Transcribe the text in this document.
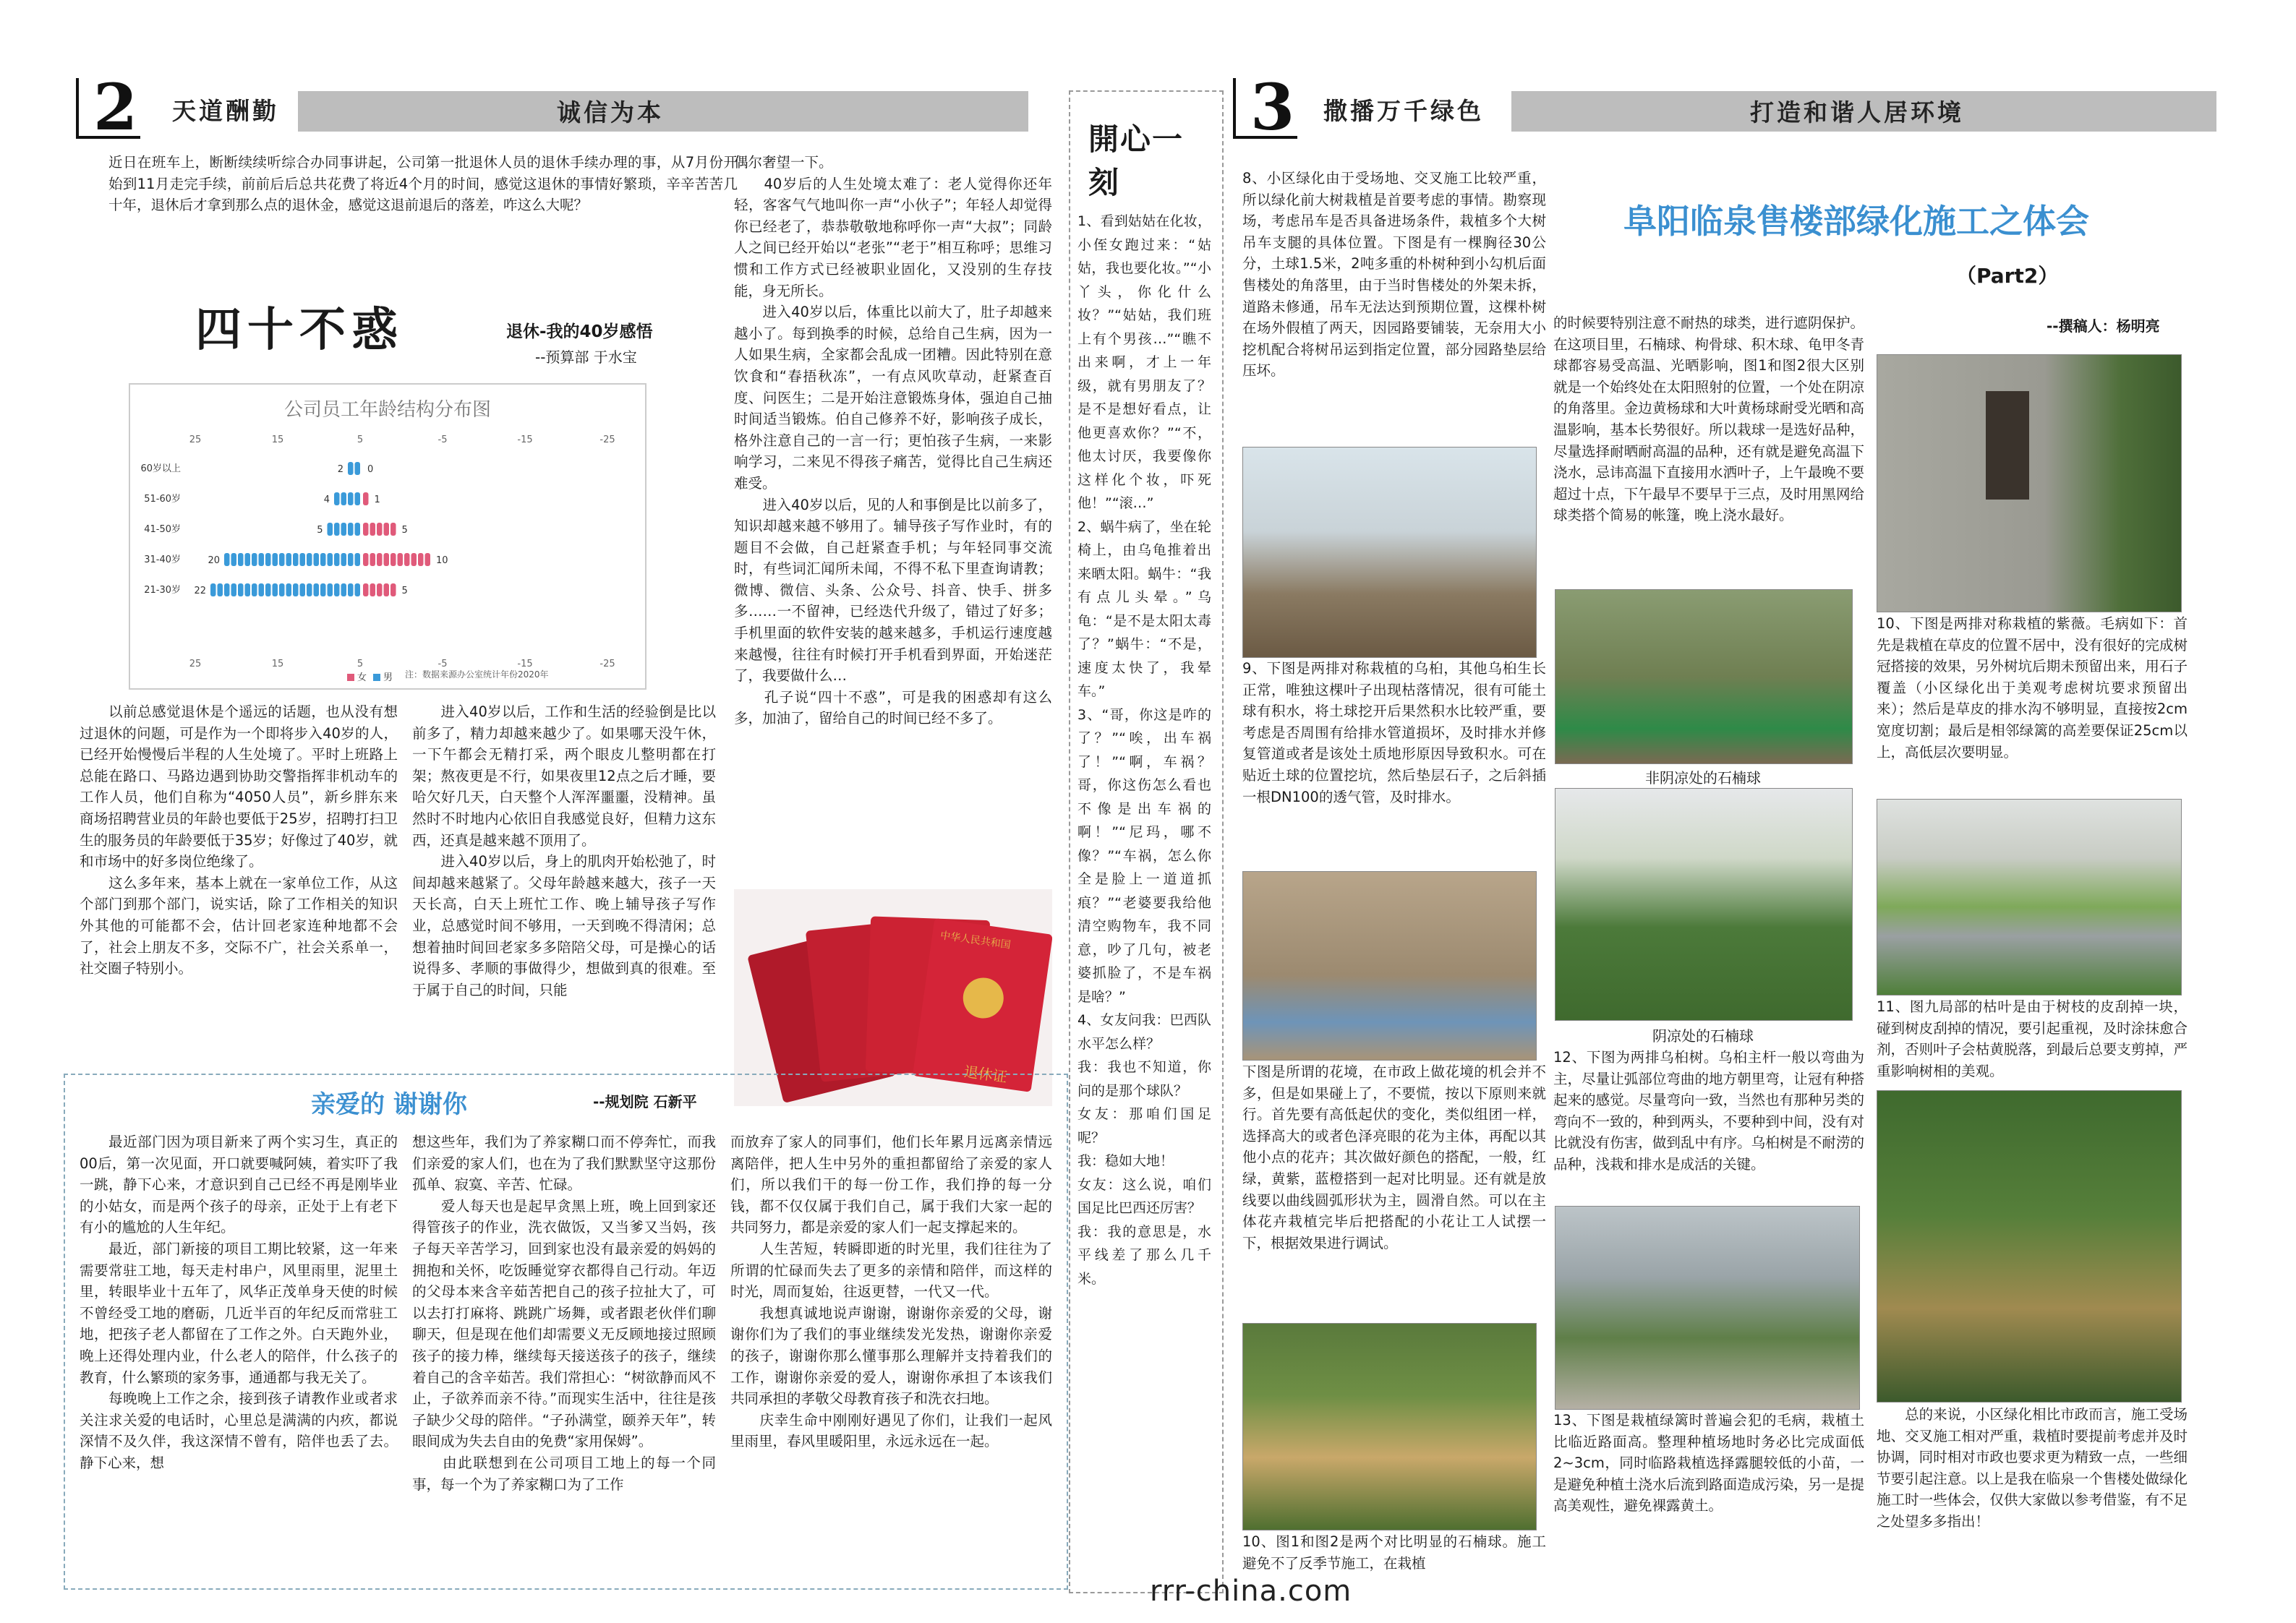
2 天道酬勤	诚信为本
近日在班车上，断断续续听综合办同事讲起，公司第一批退休人员的退休手续办理的事，从7月份开始到11月走完手续，前前后后总共花费了将近4个月的时间，感觉这退休的事情好繁琐，辛辛苦苦几十年，退休后才拿到那么点的退休金，感觉这退前退后的落差，咋这么大呢？
四十不惑	退休-我的40岁感悟
--预算部 于水宝
公司员工年龄结构分布图
25
25
15
15
5
5
-5
-5
-15
-15
-25
-25
60岁以上	2	0
51-60岁	4	1
41-50岁	5	5
31-40岁	20	10
21-30岁 22	5
女 男 注：数据来源办公室统计年份2020年
　　以前总感觉退休是个遥远的话题，也从没有想过退休的问题，可是作为一个即将步入40岁的人，已经开始慢慢后半程的人生处境了。平时上班路上总能在路口、马路边遇到协助交警指挥非机动车的工作人员，他们自称为“4050人员”，新乡胖东来商场招聘营业员的年龄也要低于25岁，招聘打扫卫生的服务员的年龄要低于35岁；好像过了40岁，就和市场中的好多岗位绝缘了。
　　这么多年来，基本上就在一家单位工作，从这个部门到那个部门，说实话，除了工作相关的知识外其他的可能都不会，估计回老家连种地都不会了，社会上朋友不多，交际不广，社会关系单一，社交圈子特别小。
　　进入40岁以后，工作和生活的经验倒是比以前多了，精力却越来越少了。如果哪天没午休，一下午都会无精打采，两个眼皮儿整明都在打架；熬夜更是不行，如果夜里12点之后才睡，要哈欠好几天，白天整个人浑浑噩噩，没精神。虽然时不时地内心依旧自我感觉良好，但精力这东西，还真是越来越不顶用了。
　　进入40岁以后，身上的肌肉开始松弛了，时间却越来越紧了。父母年龄越来越大，孩子一天天长高，白天上班忙工作、晚上辅导孩子写作业，总感觉时间不够用，一天到晚不得清闲；总想着抽时间回老家多多陪陪父母，可是操心的话说得多、孝顺的事做得少，想做到真的很难。至于属于自己的时间，只能
偶尔奢望一下。
　　40岁后的人生处境太难了：老人觉得你还年轻，客客气气地叫你一声“小伙子”；年轻人却觉得你已经老了，恭恭敬敬地称呼你一声“大叔”；同龄人之间已经开始以“老张”“老于”相互称呼；思维习惯和工作方式已经被职业固化，又没别的生存技能，身无所长。
　　进入40岁以后，体重比以前大了，肚子却越来越小了。每到换季的时候，总给自己生病，因为一人如果生病，全家都会乱成一团糟。因此特别在意饮食和“春捂秋冻”，一有点风吹草动，赶紧查百度、问医生；二是开始注意锻炼身体，强迫自己抽时间适当锻炼。伯自己修养不好，影响孩子成长，格外注意自己的一言一行；更怕孩子生病，一来影响学习，二来见不得孩子痛苦，觉得比自己生病还难受。
　　进入40岁以后，见的人和事倒是比以前多了，知识却越来越不够用了。辅导孩子写作业时，有的题目不会做，自己赶紧查手机；与年轻同事交流时，有些词汇闻所未闻，不得不私下里查询请教；微博、微信、头条、公众号、抖音、快手、拼多多……一不留神，已经迭代升级了，错过了好多；手机里面的软件安装的越来越多，手机运行速度越来越慢，往往有时候打开手机看到界面，开始迷茫了，我要做什么…
　　孔子说“四十不惑”，可是我的困惑却有这么多，加油了，留给自己的时间已经不多了。
中华人民共和国
退休证
亲爱的 谢谢你	--规划院 石新平
　　最近部门因为项目新来了两个实习生，真正的00后，第一次见面，开口就要喊阿姨，着实吓了我一跳，静下心来，才意识到自己已经不再是刚毕业的小姑女，而是两个孩子的母亲，正处于上有老下有小的尴尬的人生年纪。
　　最近，部门新接的项目工期比较紧，这一年来需要常驻工地，每天走村串户，风里雨里，泥里土里，转眼毕业十五年了，风华正茂单身天使的时候不曾经受工地的磨砺，几近半百的年纪反而常驻工地，把孩子老人都留在了工作之外。白天跑外业，晚上还得处理内业，什么老人的陪伴，什么孩子的教育，什么繁琐的家务事，通通都与我无关了。
　　每晚晚上工作之余，接到孩子请教作业或者求关注求关爱的电话时，心里总是满满的内疚，都说深情不及久伴，我这深情不曾有，陪伴也丢了去。静下心来，想
想这些年，我们为了养家糊口而不停奔忙，而我们亲爱的家人们，也在为了我们默默坚守这那份孤单、寂寞、辛苦、忙碌。
　　爱人每天也是起早贪黑上班，晚上回到家还得管孩子的作业，洗衣做饭，又当爹又当妈，孩子每天辛苦学习，回到家也没有最亲爱的妈妈的拥抱和关怀，吃饭睡觉穿衣都得自己行动。年迈的父母本来含辛茹苦把自己的孩子拉扯大了，可以去打打麻将、跳跳广场舞，或者跟老伙伴们聊聊天，但是现在他们却需要义无反顾地接过照顾孩子的接力棒，继续每天接送孩子的孩子，继续着自己的含辛茹苦。我们常担心：“树欲静而风不止，子欲养而亲不待。”而现实生活中，往往是孩子缺少父母的陪伴。“子孙满堂，颐养天年”，转眼间成为失去自由的免费“家用保姆”。
　　由此联想到在公司项目工地上的每一个同事，每一个为了养家糊口为了工作
而放弃了家人的同事们，他们长年累月远离亲情远离陪伴，把人生中另外的重担都留给了亲爱的家人们，所以我们干的每一份工作，我们挣的每一分钱，都不仅仅属于我们自己，属于我们大家一起的共同努力，都是亲爱的家人们一起支撑起来的。
　　人生苦短，转瞬即逝的时光里，我们往往为了所谓的忙碌而失去了更多的亲情和陪伴，而这样的时光，周而复始，往返更替，一代又一代。
　　我想真诚地说声谢谢，谢谢你亲爱的父母，谢谢你们为了我们的事业继续发光发热，谢谢你亲爱的孩子，谢谢你那么懂事那么理解并支持着我们的工作，谢谢你亲爱的爱人，谢谢你承担了本该我们共同承担的孝敬父母教育孩子和洗衣扫地。
　　庆幸生命中刚刚好遇见了你们，让我们一起风里雨里，春风里暖阳里，永远永远在一起。
開心一刻
1、看到姑姑在化妆，小侄女跑过来：“姑姑，我也要化妆。”“小丫头，你化什么妆？”“姑姑，我们班上有个男孩…”“瞧不出来啊，才上一年级，就有男朋友了？是不是想好看点，让他更喜欢你？”“不，他太讨厌，我要像你这样化个妆，吓死他！”“滚…”
2、蜗牛病了，坐在轮椅上，由乌龟推着出来晒太阳。蜗牛：“我有点儿头晕。”乌龟：“是不是太阳太毒了？”蜗牛：“不是，速度太快了，我晕车。”
3、“哥，你这是咋的了？”“唉，出车祸了！”“啊，车祸？哥，你这伤怎么看也不像是出车祸的啊！”“尼玛，哪不像？”“车祸，怎么你全是脸上一道道抓痕？”“老婆要我给他清空购物车，我不同意，吵了几句，被老婆抓脸了，不是车祸是啥？”
4、女友问我：巴西队水平怎么样？
我：我也不知道，你问的是那个球队？
女友：那咱们国足呢？
我：稳如大地！
女友：这么说，咱们国足比巴西还厉害？
我：我的意思是，水平线差了那么几千米。
3 撒播万千绿色	打造和谐人居环境
8、小区绿化由于受场地、交叉施工比较严重，所以绿化前大树栽植是首要考虑的事情。勘察现场，考虑吊车是否具备进场条件，栽植多个大树吊车支腿的具体位置。下图是有一棵胸径30公分，土球1.5米，2吨多重的朴树种到小勾机后面售楼处的角落里，由于当时售楼处的外架未拆，道路未修通，吊车无法达到预期位置，这棵朴树在场外假植了两天，因园路要铺装，无奈用大小挖机配合将树吊运到指定位置，部分园路垫层给压坏。
9、下图是两排对称栽植的乌桕，其他乌桕生长正常，唯独这棵叶子出现枯落情况，很有可能土球有积水，将土球挖开后果然积水比较严重，要考虑是否周围有给排水管道损坏，及时排水并修复管道或者是该处土质地形原因导致积水。可在贴近土球的位置挖坑，然后垫层石子，之后斜插一根DN100的透气管，及时排水。
下图是所谓的花境，在市政上做花境的机会并不多，但是如果碰上了，不要慌，按以下原则来就行。首先要有高低起伏的变化，类似组团一样，选择高大的或者色泽亮眼的花为主体，再配以其他小点的花卉；其次做好颜色的搭配，一般，红绿，黄紫，蓝橙搭到一起对比明显。还有就是放线要以曲线圆弧形状为主，圆滑自然。可以在主体花卉栽植完毕后把搭配的小花让工人试摆一下，根据效果进行调试。
10、图1和图2是两个对比明显的石楠球。施工避免不了反季节施工，在栽植
阜阳临泉售楼部绿化施工之体会
（Part2）
--撰稿人：杨明亮
的时候要特别注意不耐热的球类，进行遮阴保护。在这项目里，石楠球、枸骨球、积木球、龟甲冬青球都容易受高温、光晒影响，图1和图2很大区别就是一个始终处在太阳照射的位置，一个处在阴凉的角落里。金边黄杨球和大叶黄杨球耐受光晒和高温影响，基本长势很好。所以栽球一是选好品种，尽量选择耐晒耐高温的品种，还有就是避免高温下浇水，忌讳高温下直接用水洒叶子，上午最晚不要超过十点，下午最早不要早于三点，及时用黑网给球类搭个简易的帐篷，晚上浇水最好。
非阴凉处的石楠球
阴凉处的石楠球
12、下图为两排乌桕树。乌桕主杆一般以弯曲为主，尽量让弧部位弯曲的地方朝里弯，让冠有种搭起来的感觉。尽量弯向一致，当然也有那种另类的弯向不一致的，种到两头，不要种到中间，没有对比就没有伤害，做到乱中有序。乌桕树是不耐涝的品种，浅栽和排水是成活的关键。
13、下图是栽植绿篱时普遍会犯的毛病，栽植土比临近路面高。整理种植场地时务必比完成面低2~3cm，同时临路栽植选择露腿较低的小苗，一是避免种植土浇水后流到路面造成污染，另一是提高美观性，避免裸露黄土。
10、下图是两排对称栽植的紫薇。毛病如下：首先是栽植在草皮的位置不居中，没有很好的完成树冠搭接的效果，另外树坑后期未预留出来，用石子覆盖（小区绿化出于美观考虑树坑要求预留出来）；然后是草皮的排水沟不够明显，直接按2cm宽度切割；最后是相邻绿篱的高差要保证25cm以上，高低层次要明显。
11、图九局部的枯叶是由于树枝的皮刮掉一块，碰到树皮刮掉的情况，要引起重视，及时涂抹愈合剂，否则叶子会枯黄脱落，到最后总要支剪掉，严重影响树相的美观。
　　总的来说，小区绿化相比市政而言，施工受场地、交叉施工相对严重，栽植时要提前考虑并及时协调，同时相对市政也要求更为精致一点，一些细节要引起注意。以上是我在临泉一个售楼处做绿化施工时一些体会，仅供大家做以参考借鉴，有不足之处望多多指出！
rrr-china.com
